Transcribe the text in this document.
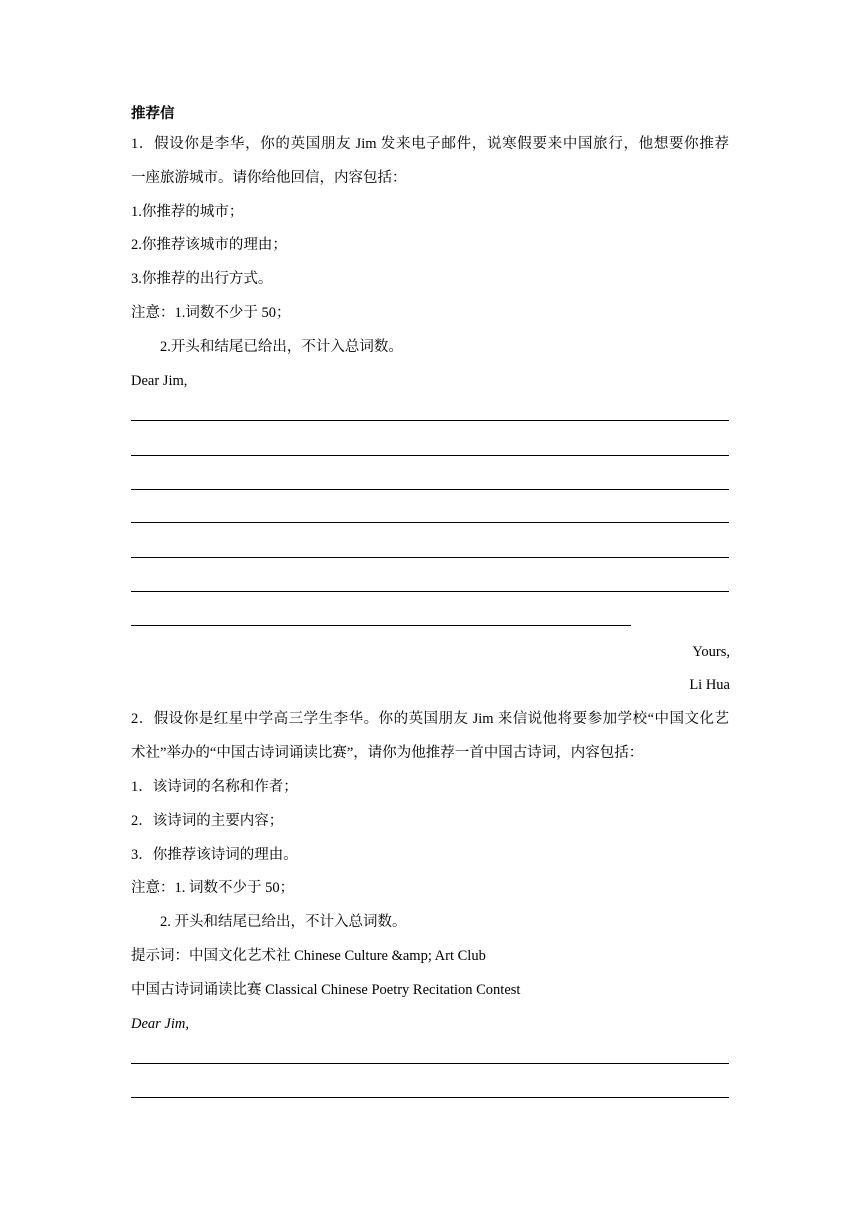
推荐信
1．假设你是李华，你的英国朋友 Jim 发来电子邮件，说寒假要来中国旅行，他想要你推荐
一座旅游城市。请你给他回信，内容包括：
1.你推荐的城市；
2.你推荐该城市的理由；
3.你推荐的出行方式。
注意：1.词数不少于 50；
2.开头和结尾已给出，不计入总词数。
Dear Jim,
Yours,
Li Hua
2．假设你是红星中学高三学生李华。你的英国朋友 Jim 来信说他将要参加学校“中国文化艺
术社”举办的“中国古诗词诵读比赛”，请你为他推荐一首中国古诗词，内容包括：
1．该诗词的名称和作者；
2．该诗词的主要内容；
3．你推荐该诗词的理由。
注意：1. 词数不少于 50；
2. 开头和结尾已给出，不计入总词数。
提示词：中国文化艺术社 Chinese Culture &amp; Art Club
中国古诗词诵读比赛 Classical Chinese Poetry Recitation Contest
Dear Jim,
